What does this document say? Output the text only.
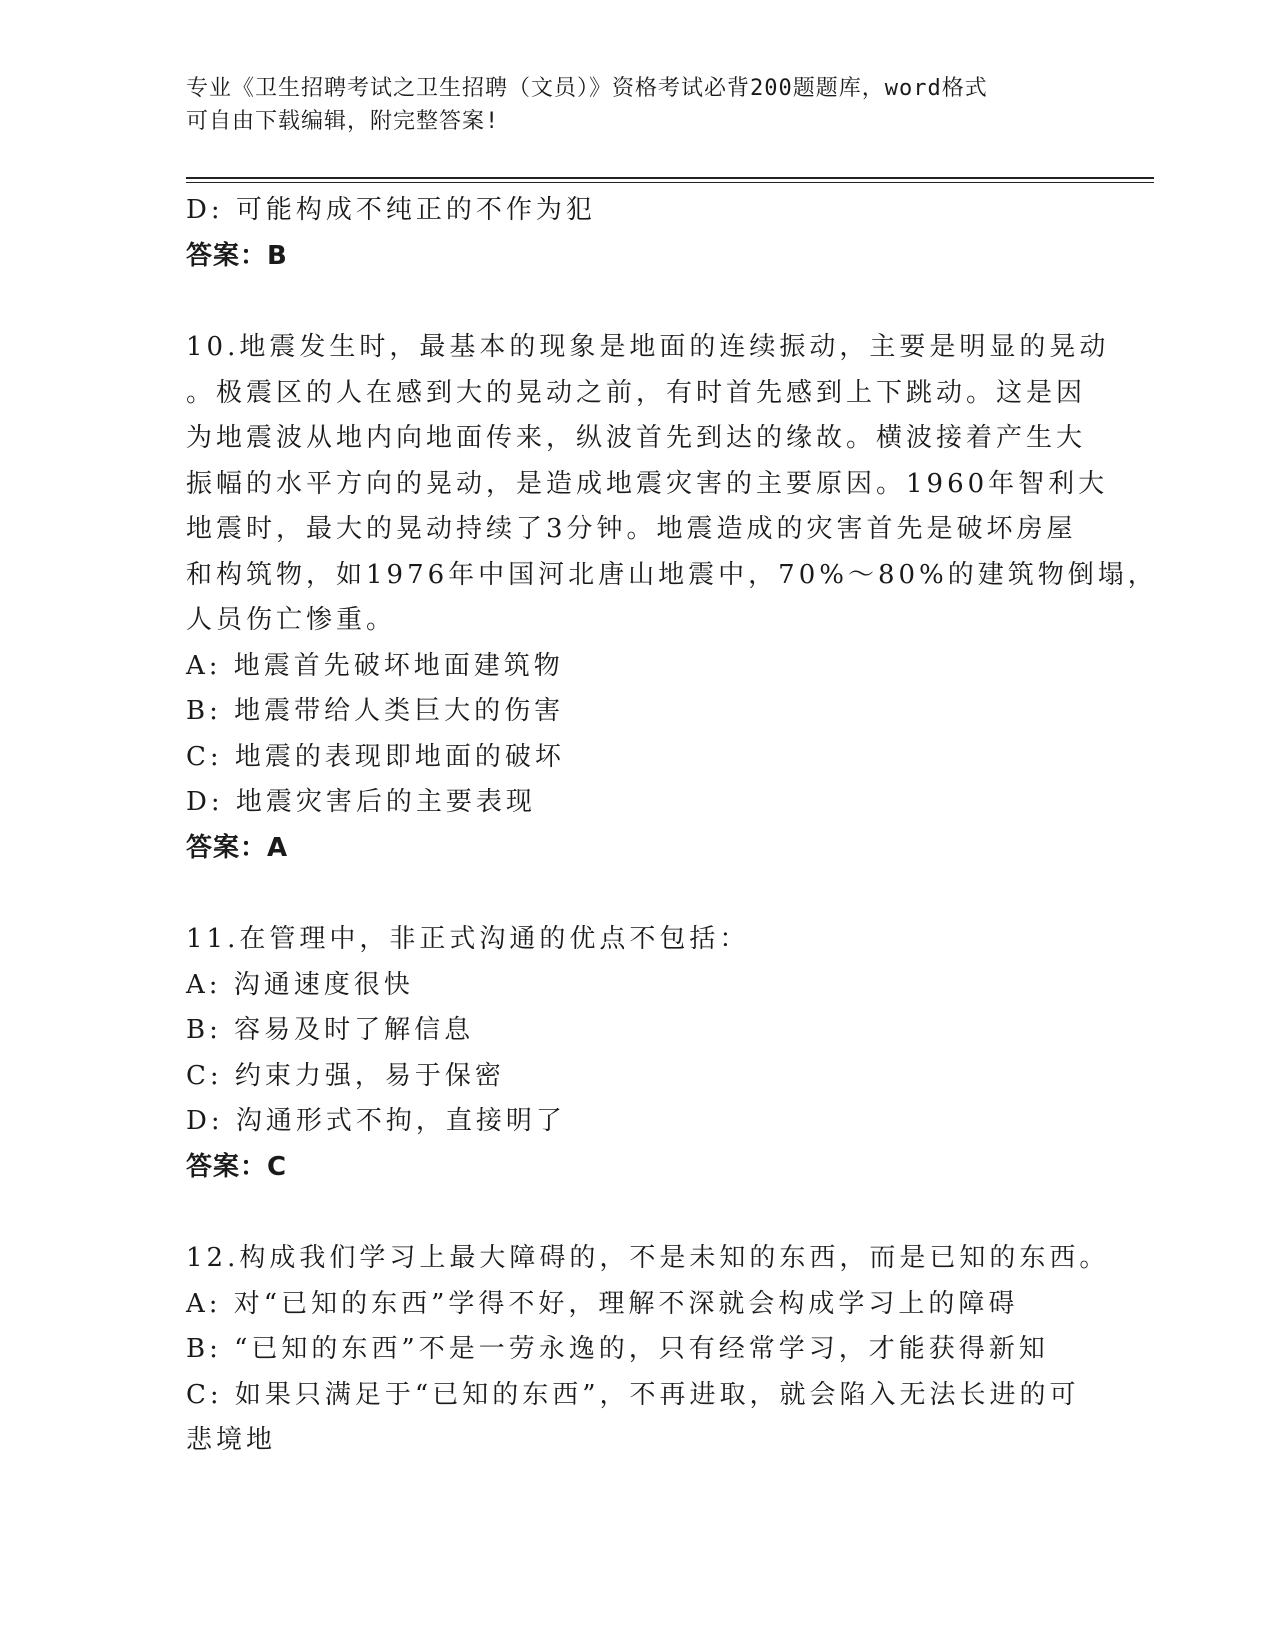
专业《卫生招聘考试之卫生招聘（文员）》资格考试必背200题题库，word格式
可自由下载编辑，附完整答案!
D: 可能构成不纯正的不作为犯
答案：B
10.地震发生时，最基本的现象是地面的连续振动，主要是明显的晃动
。极震区的人在感到大的晃动之前，有时首先感到上下跳动。这是因
为地震波从地内向地面传来，纵波首先到达的缘故。横波接着产生大
振幅的水平方向的晃动，是造成地震灾害的主要原因。1960年智利大
地震时，最大的晃动持续了3分钟。地震造成的灾害首先是破坏房屋
和构筑物，如1976年中国河北唐山地震中，70%～80%的建筑物倒塌，
人员伤亡惨重。
A: 地震首先破坏地面建筑物
B: 地震带给人类巨大的伤害
C: 地震的表现即地面的破坏
D: 地震灾害后的主要表现
答案：A
11.在管理中，非正式沟通的优点不包括：
A: 沟通速度很快
B: 容易及时了解信息
C: 约束力强，易于保密
D: 沟通形式不拘，直接明了
答案：C
12.构成我们学习上最大障碍的，不是未知的东西，而是已知的东西。
A: 对“已知的东西”学得不好，理解不深就会构成学习上的障碍
B: “已知的东西”不是一劳永逸的，只有经常学习，才能获得新知
C: 如果只满足于“已知的东西”，不再进取，就会陷入无法长进的可
悲境地
